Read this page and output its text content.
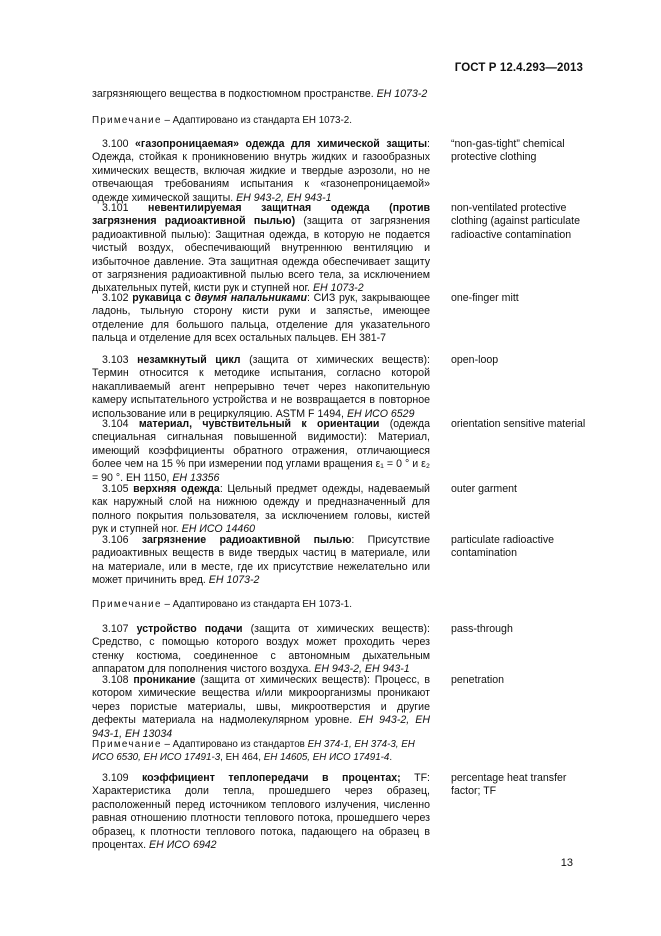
ГОСТ Р 12.4.293—2013

загрязняющего вещества в подкостюмном пространстве. ЕН 1073-2

Примечание – Адаптировано из стандарта ЕН 1073-2.

3.100 «газопроницаемая» одежда для химической защиты: Одежда, стойкая к проникновению внутрь жидких и газообразных химических веществ, включая жидкие и твердые аэрозоли, но не отвечающая требованиям испытания к «газонепроницаемой» одежде химической защиты. ЕН 943-2, ЕН 943-1

“non-gas-tight” chemical protective clothing

3.101 невентилируемая защитная одежда (против загрязнения радиоактивной пылью) (защита от загрязнения радиоактивной пылью): Защитная одежда, в которую не подается чистый воздух, обеспечивающий внутреннюю вентиляцию и избыточное давление. Эта защитная одежда обеспечивает защиту от загрязнения радиоактивной пылью всего тела, за исключением дыхательных путей, кисти рук и ступней ног. ЕН 1073-2

non-ventilated protective clothing (against particulate radioactive contamination

3.102 рукавица с двумя напальниками: СИЗ рук, закрывающее ладонь, тыльную сторону кисти руки и запястье, имеющее отделение для большого пальца, отделение для указательного пальца и отделение для всех остальных пальцев. ЕН 381-7

one-finger mitt

3.103 незамкнутый цикл (защита от химических веществ): Термин относится к методике испытания, согласно которой накапливаемый агент непрерывно течет через накопительную камеру испытательного устройства и не возвращается в повторное использование или в рециркуляцию. ASTM F 1494, ЕН ИСО 6529

open-loop

3.104 материал, чувствительный к ориентации (одежда специальная сигнальная повышенной видимости): Материал, имеющий коэффициенты обратного отражения, отличающиеся более чем на 15 % при измерении под углами вращения ε₁ = 0 ° и ε₂ = 90 °. ЕН 1150, ЕН 13356

orientation sensitive material

3.105 верхняя одежда: Цельный предмет одежды, надеваемый как наружный слой на нижнюю одежду и предназначенный для полного покрытия пользователя, за исключением головы, кистей рук и ступней ног. ЕН ИСО 14460

outer garment

3.106 загрязнение радиоактивной пылью: Присутствие радиоактивных веществ в виде твердых частиц в материале, или на материале, или в месте, где их присутствие нежелательно или может причинить вред. ЕН 1073-2

particulate radioactive contamination
Примечание – Адаптировано из стандарта ЕН 1073-1.

3.107 устройство подачи (защита от химических веществ): Средство, с помощью которого воздух может проходить через стенку костюма, соединенное с автономным дыхательным аппаратом для пополнения чистого воздуха. ЕН 943-2, ЕН 943-1

pass-through

3.108 проникание (защита от химических веществ): Процесс, в котором химические вещества и/или микроорганизмы проникают через пористые материалы, швы, микроотверстия и другие дефекты материала на надмолекулярном уровне. ЕН 943-2, ЕН 943-1, ЕН 13034

penetration
Примечание – Адаптировано из стандартов ЕН 374-1, ЕН 374-3, ЕН ИСО 6530, ЕН ИСО 17491-3, ЕН 464, ЕН 14605, ЕН ИСО 17491-4.

3.109 коэффициент теплопередачи в процентах; TF: Характеристика доли тепла, прошедшего через образец, расположенный перед источником теплового излучения, численно равная отношению плотности теплового потока, прошедшего через образец, к плотности теплового потока, падающего на образец в процентах. ЕН ИСО 6942

percentage heat transfer factor; TF
13
